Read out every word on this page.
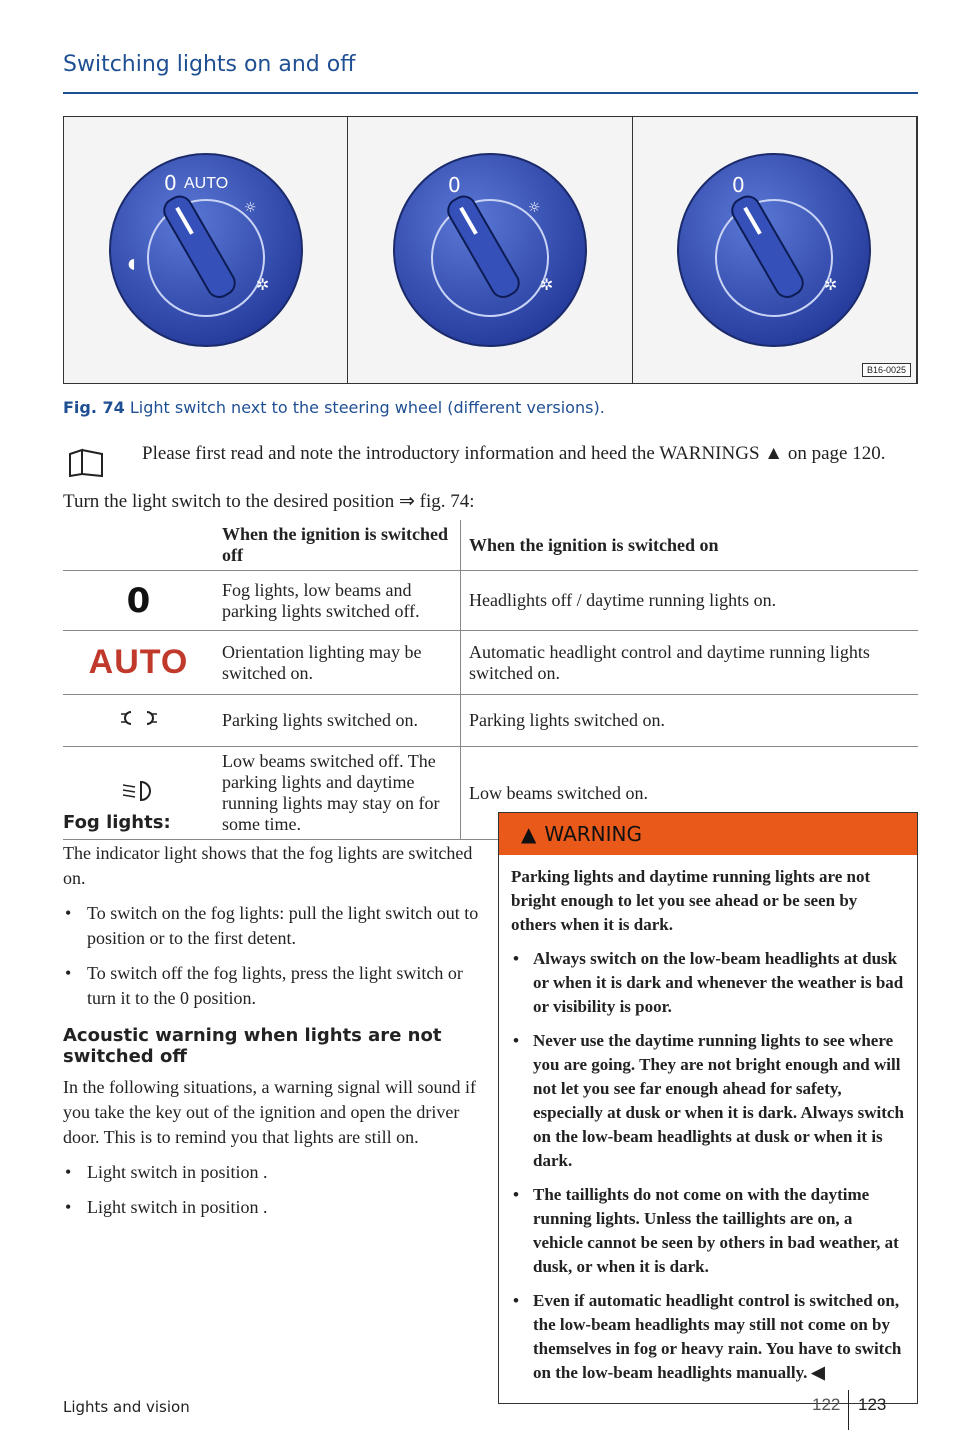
Switching lights on and off
0 AUTO
☼
◖
✲
0
☼
✲
0
✲
B16-0025
Fig. 74 Light switch next to the steering wheel (different versions).
Please first read and note the introductory information and heed the WARNINGS ▲ on page 120.
Turn the light switch to the desired position ⇒ fig. 74:
	When the ignition is switched off	When the ignition is switched on
0	Fog lights, low beams and parking lights switched off.	Headlights off / daytime running lights on.
AUTO	Orientation lighting may be switched on.	Automatic headlight control and daytime running lights switched on.
	Parking lights switched on.	Parking lights switched on.
	Low beams switched off. The parking lights and daytime running lights may stay on for some time.	Low beams switched on.
Fog lights:

The indicator light shows that the fog lights are switched on.

• To switch on the fog lights: pull the light switch out to position or to the first detent.
• To switch off the fog lights, press the light switch or turn it to the 0 position.
Acoustic warning when lights are not switched off

In the following situations, a warning signal will sound if you take the key out of the ignition and open the driver door. This is to remind you that lights are still on.

• Light switch in position .
• Light switch in position .
▲ WARNING

Parking lights and daytime running lights are not bright enough to let you see ahead or be seen by others when it is dark.

• Always switch on the low-beam headlights at dusk or when it is dark and whenever the weather is bad or visibility is poor.
• Never use the daytime running lights to see where you are going. They are not bright enough and will not let you see far enough ahead for safety, especially at dusk or when it is dark. Always switch on the low-beam headlights at dusk or when it is dark.
• The taillights do not come on with the daytime running lights. Unless the taillights are on, a vehicle cannot be seen by others in bad weather, at dusk, or when it is dark.
• Even if automatic headlight control is switched on, the low-beam headlights may still not come on by themselves in fog or heavy rain. You have to switch on the low-beam headlights manually. ◀
Lights and vision	122 123
